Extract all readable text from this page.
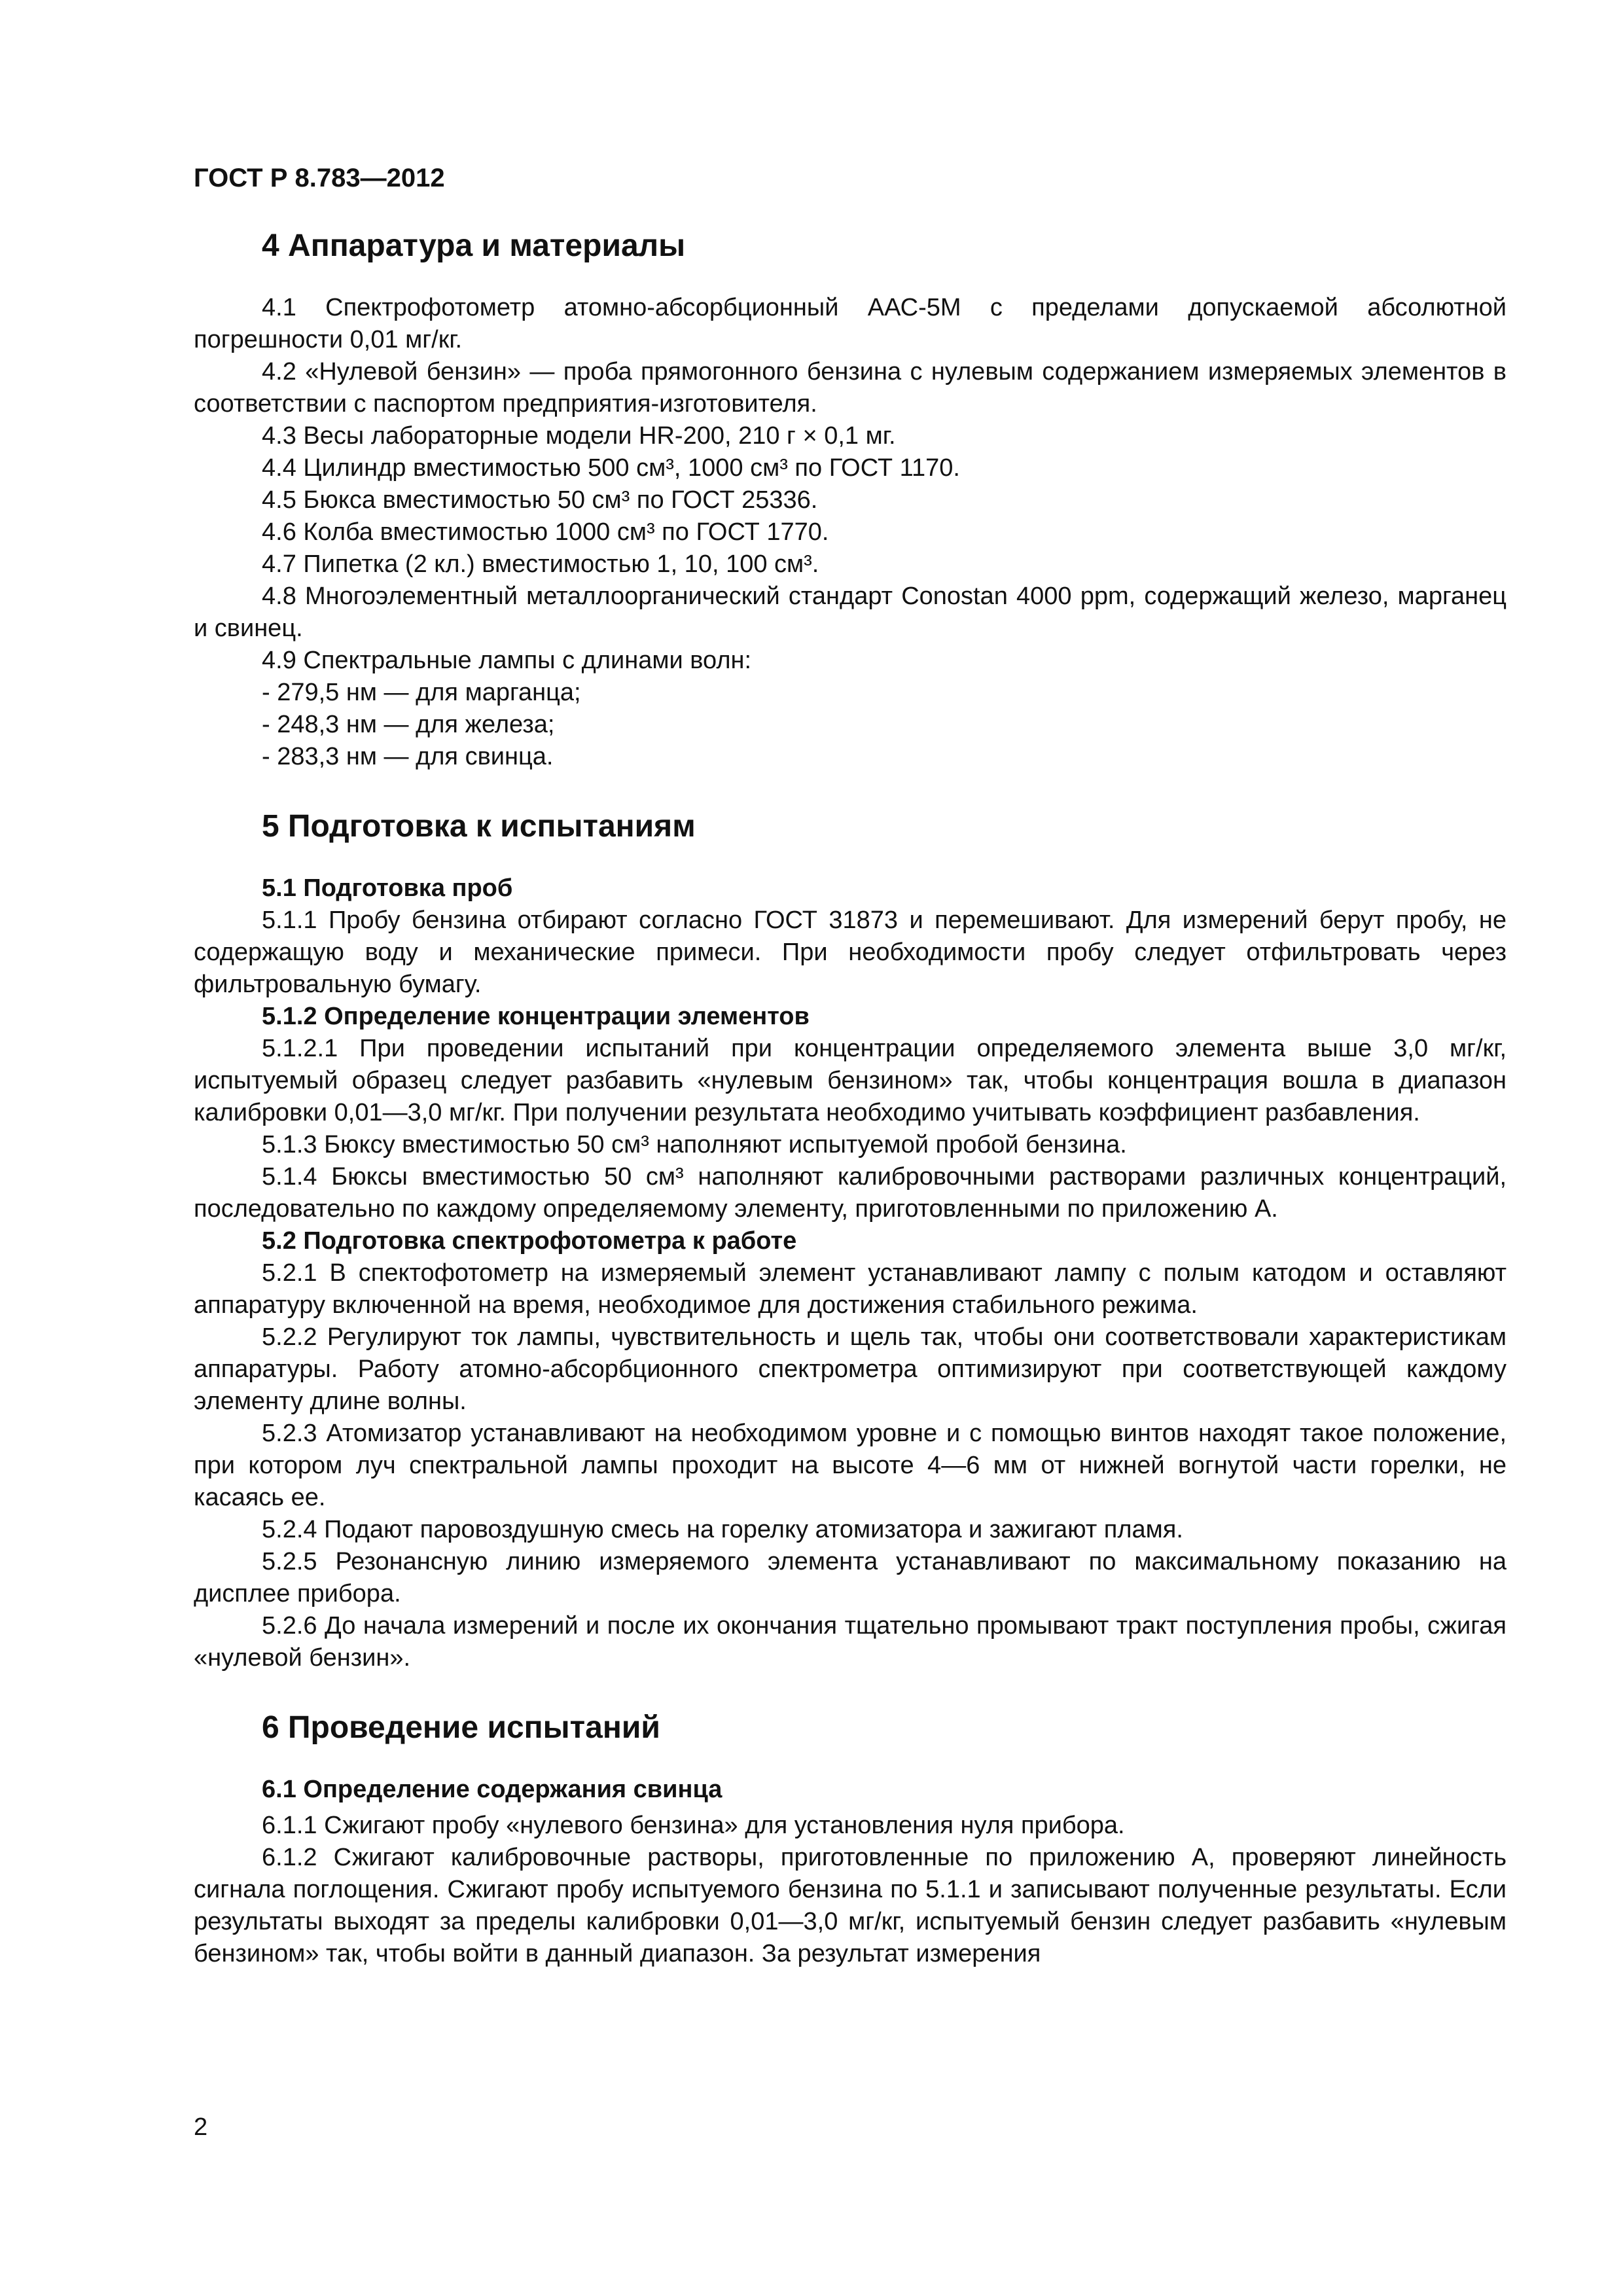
ГОСТ Р 8.783—2012
4 Аппаратура и материалы

4.1 Спектрофотометр атомно-абсорбционный ААС-5М с пределами допускаемой абсолютной погрешности 0,01 мг/кг.

4.2 «Нулевой бензин» — проба прямогонного бензина с нулевым содержанием измеряемых элементов в соответствии с паспортом предприятия-изготовителя.

4.3 Весы лабораторные модели HR-200, 210 г × 0,1 мг.

4.4 Цилиндр вместимостью 500 см³, 1000 см³ по ГОСТ 1170.

4.5 Бюкса вместимостью 50 см³ по ГОСТ 25336.

4.6 Колба вместимостью 1000 см³ по ГОСТ 1770.

4.7 Пипетка (2 кл.) вместимостью 1, 10, 100 см³.

4.8 Многоэлементный металлоорганический стандарт Conostan 4000 ppm, содержащий железо, марганец и свинец.

4.9 Спектральные лампы с длинами волн:

- 279,5 нм — для марганца;

- 248,3 нм — для железа;

- 283,3 нм — для свинца.

5 Подготовка к испытаниям
5.1 Подготовка проб

5.1.1 Пробу бензина отбирают согласно ГОСТ 31873 и перемешивают. Для измерений берут пробу, не содержащую воду и механические примеси. При необходимости пробу следует отфильтровать через фильтровальную бумагу.

5.1.2 Определение концентрации элементов

5.1.2.1 При проведении испытаний при концентрации определяемого элемента выше 3,0 мг/кг, испытуемый образец следует разбавить «нулевым бензином» так, чтобы концентрация вошла в диапазон калибровки 0,01—3,0 мг/кг. При получении результата необходимо учитывать коэффициент разбавления.

5.1.3 Бюксу вместимостью 50 см³ наполняют испытуемой пробой бензина.

5.1.4 Бюксы вместимостью 50 см³ наполняют калибровочными растворами различных концентраций, последовательно по каждому определяемому элементу, приготовленными по приложению А.

5.2 Подготовка спектрофотометра к работе

5.2.1 В спектофотометр на измеряемый элемент устанавливают лампу с полым катодом и оставляют аппаратуру включенной на время, необходимое для достижения стабильного режима.

5.2.2 Регулируют ток лампы, чувствительность и щель так, чтобы они соответствовали характеристикам аппаратуры. Работу атомно-абсорбционного спектрометра оптимизируют при соответствующей каждому элементу длине волны.

5.2.3 Атомизатор устанавливают на необходимом уровне и с помощью винтов находят такое положение, при котором луч спектральной лампы проходит на высоте 4—6 мм от нижней вогнутой части горелки, не касаясь ее.

5.2.4 Подают паровоздушную смесь на горелку атомизатора и зажигают пламя.

5.2.5 Резонансную линию измеряемого элемента устанавливают по максимальному показанию на дисплее прибора.

5.2.6 До начала измерений и после их окончания тщательно промывают тракт поступления пробы, сжигая «нулевой бензин».

6 Проведение испытаний
6.1 Определение содержания свинца

6.1.1 Сжигают пробу «нулевого бензина» для установления нуля прибора.

6.1.2 Сжигают калибровочные растворы, приготовленные по приложению А, проверяют линейность сигнала поглощения. Сжигают пробу испытуемого бензина по 5.1.1 и записывают полученные результаты. Если результаты выходят за пределы калибровки 0,01—3,0 мг/кг, испытуемый бензин следует разбавить «нулевым бензином» так, чтобы войти в данный диапазон. За результат измерения

2
